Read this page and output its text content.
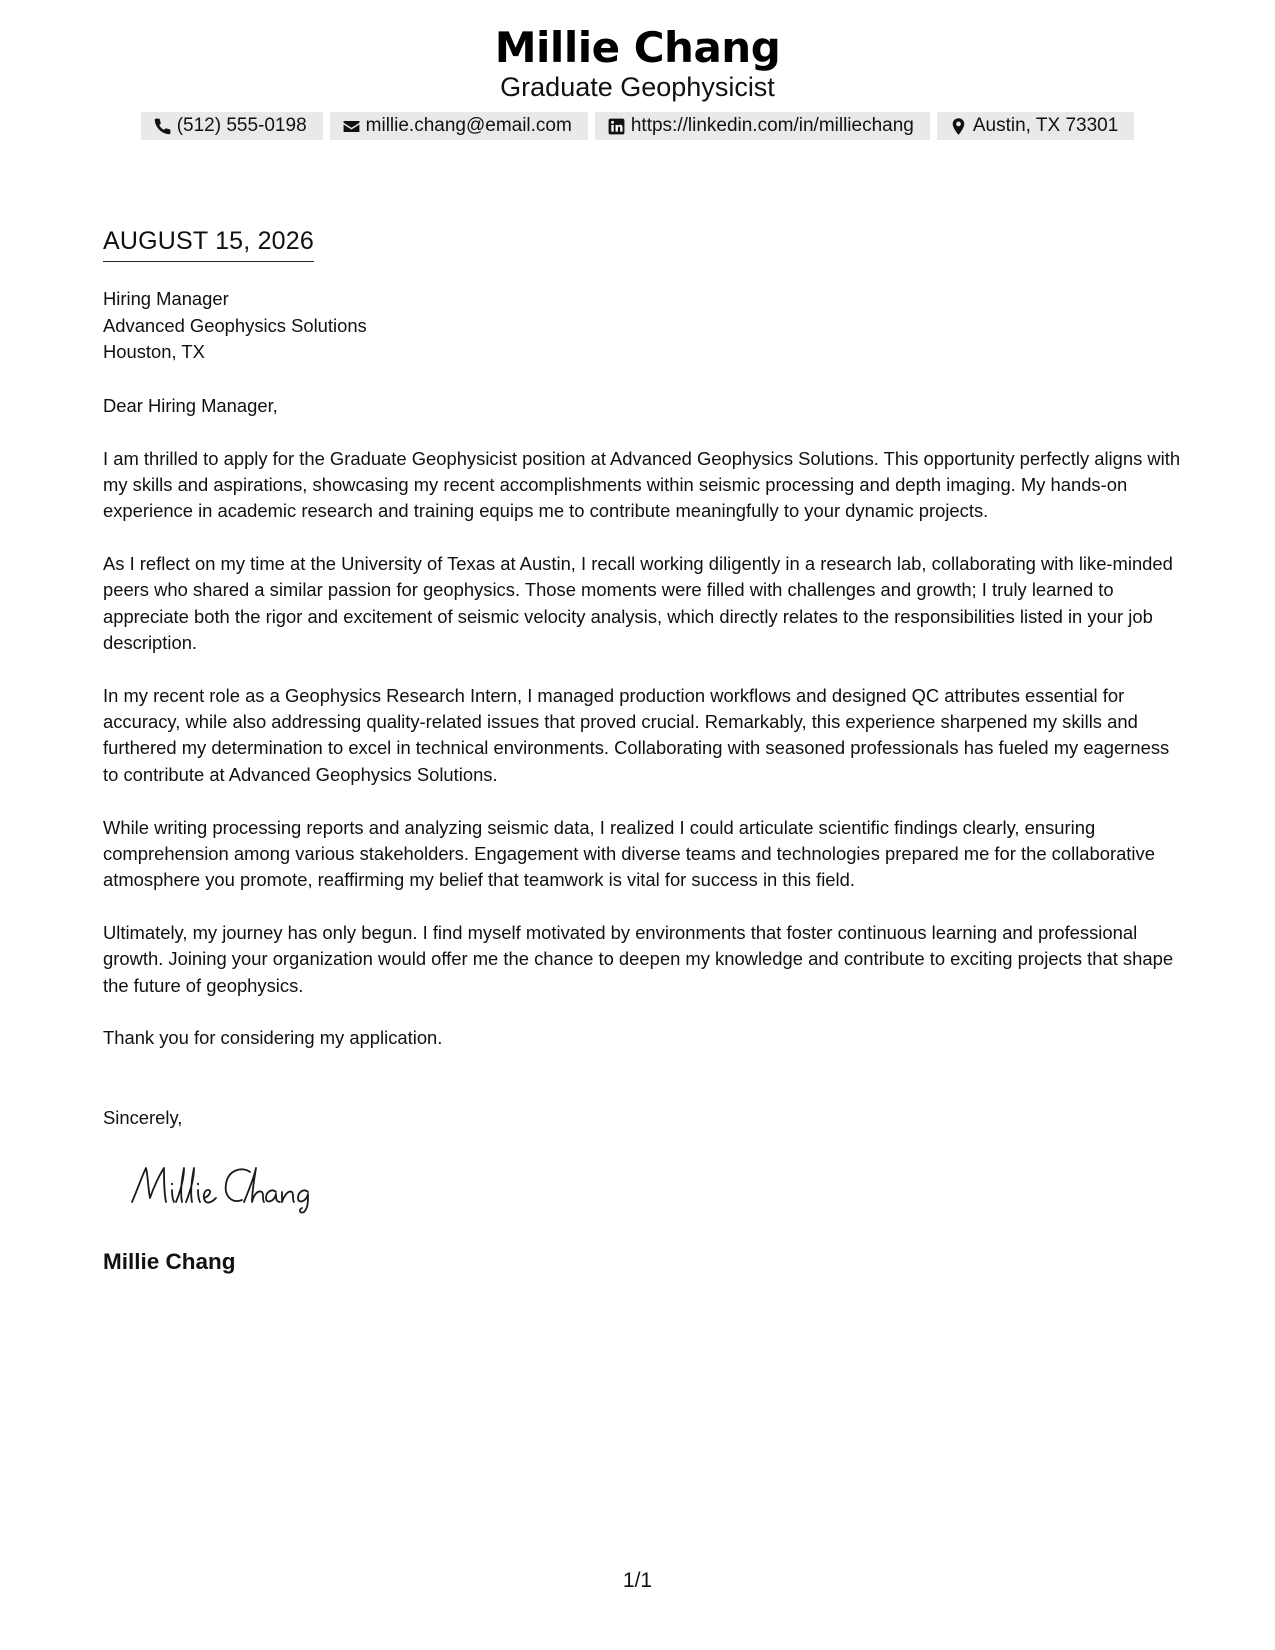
Millie Chang
Graduate Geophysicist
(512) 555-0198	millie.chang@email.com	https://linkedin.com/in/milliechang	Austin, TX 73301
AUGUST 15, 2026
Hiring Manager
Advanced Geophysics Solutions
Houston, TX

Dear Hiring Manager,

I am thrilled to apply for the Graduate Geophysicist position at Advanced Geophysics Solutions. This opportunity perfectly aligns with my skills and aspirations, showcasing my recent accomplishments within seismic processing and depth imaging. My hands-on experience in academic research and training equips me to contribute meaningfully to your dynamic projects.

As I reflect on my time at the University of Texas at Austin, I recall working diligently in a research lab, collaborating with like-minded peers who shared a similar passion for geophysics. Those moments were filled with challenges and growth; I truly learned to appreciate both the rigor and excitement of seismic velocity analysis, which directly relates to the responsibilities listed in your job description.

In my recent role as a Geophysics Research Intern, I managed production workflows and designed QC attributes essential for accuracy, while also addressing quality-related issues that proved crucial. Remarkably, this experience sharpened my skills and furthered my determination to excel in technical environments. Collaborating with seasoned professionals has fueled my eagerness to contribute at Advanced Geophysics Solutions.

While writing processing reports and analyzing seismic data, I realized I could articulate scientific findings clearly, ensuring comprehension among various stakeholders. Engagement with diverse teams and technologies prepared me for the collaborative atmosphere you promote, reaffirming my belief that teamwork is vital for success in this field.

Ultimately, my journey has only begun. I find myself motivated by environments that foster continuous learning and professional growth. Joining your organization would offer me the chance to deepen my knowledge and contribute to exciting projects that shape the future of geophysics.

Thank you for considering my application.

Sincerely,
Millie Chang
1/1
